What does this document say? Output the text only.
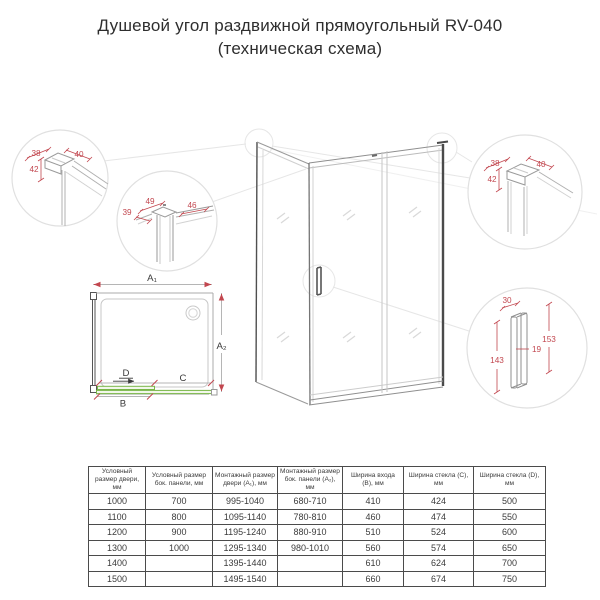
Душевой угол раздвижной прямоугольный RV-040
(техническая схема)
38	40
42
49	46
39
38	40
42
30
153
19
143
A₁
A₂
D	C
B
Условный размер двери, мм	Условный размер бок. панели, мм	Монтажный размер двери (A₁), мм	Монтажный размер бок. панели (A₂), мм	Ширина входа (B), мм	Ширина стекла (C), мм	Ширина стекла (D), мм
1000	700	995-1040	680-710	410	424	500
1100	800	1095-1140	780-810	460	474	550
1200	900	1195-1240	880-910	510	524	600
1300	1000	1295-1340	980-1010	560	574	650
1400		1395-1440		610	624	700
1500		1495-1540		660	674	750
